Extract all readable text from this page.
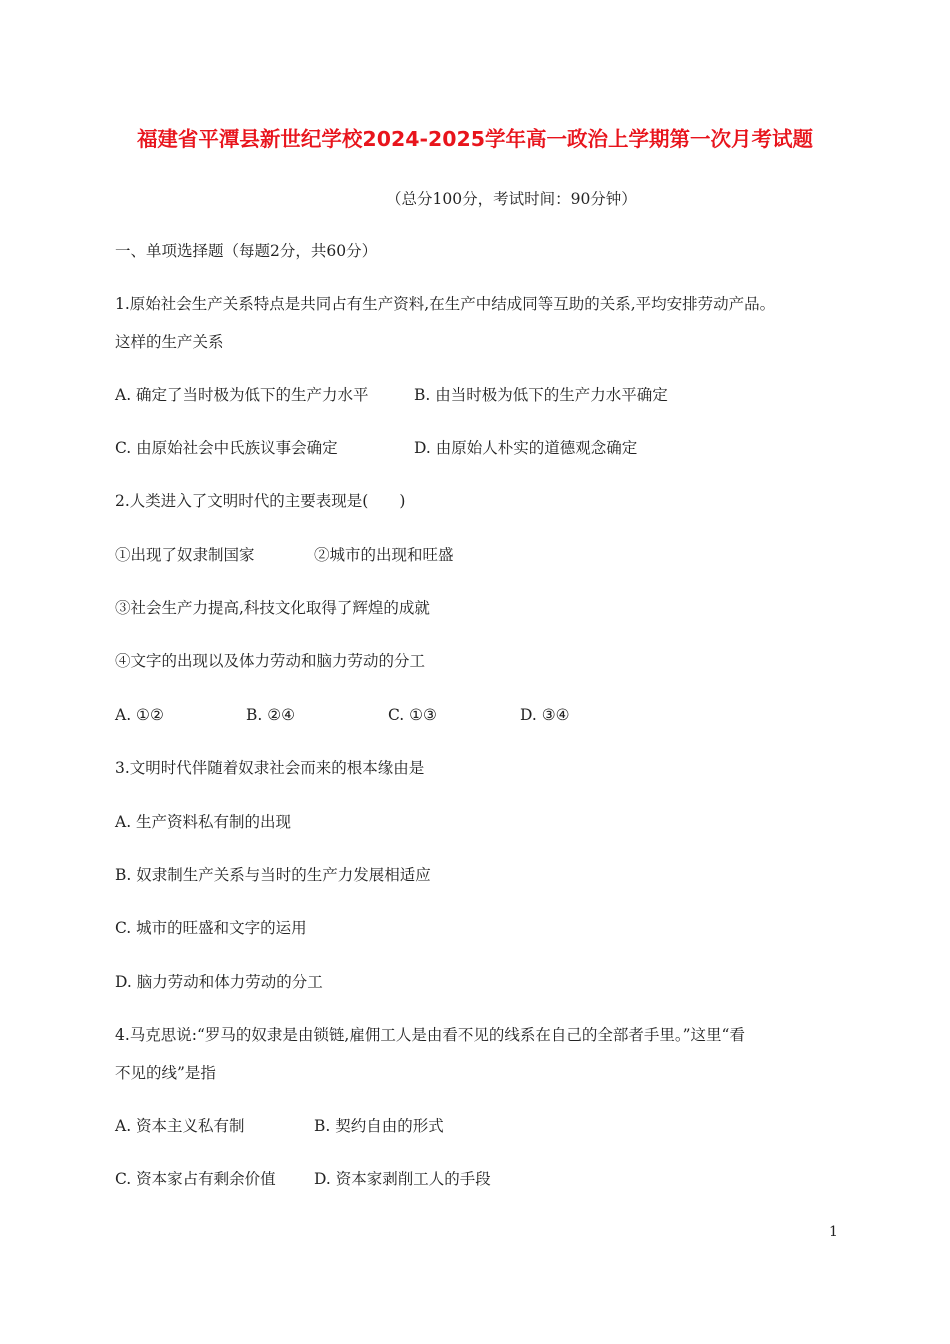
福建省平潭县新世纪学校2024-2025学年高一政治上学期第一次月考试题
（总分100分，考试时间：90分钟）
一、单项选择题（每题2分，共60分）
1.原始社会生产关系特点是共同占有生产资料,在生产中结成同等互助的关系,平均安排劳动产品。
这样的生产关系
A. 确定了当时极为低下的生产力水平	B. 由当时极为低下的生产力水平确定
C. 由原始社会中氏族议事会确定	D. 由原始人朴实的道德观念确定
2.人类进入了文明时代的主要表现是(　　)
①出现了奴隶制国家	②城市的出现和旺盛
③社会生产力提高,科技文化取得了辉煌的成就
④文字的出现以及体力劳动和脑力劳动的分工
A. ①②	B. ②④	C. ①③	D. ③④
3.文明时代伴随着奴隶社会而来的根本缘由是
A. 生产资料私有制的出现
B. 奴隶制生产关系与当时的生产力发展相适应
C. 城市的旺盛和文字的运用
D. 脑力劳动和体力劳动的分工
4.马克思说:“罗马的奴隶是由锁链,雇佣工人是由看不见的线系在自己的全部者手里。”这里“看
不见的线”是指
A. 资本主义私有制	B. 契约自由的形式
C. 资本家占有剩余价值 D. 资本家剥削工人的手段
1
